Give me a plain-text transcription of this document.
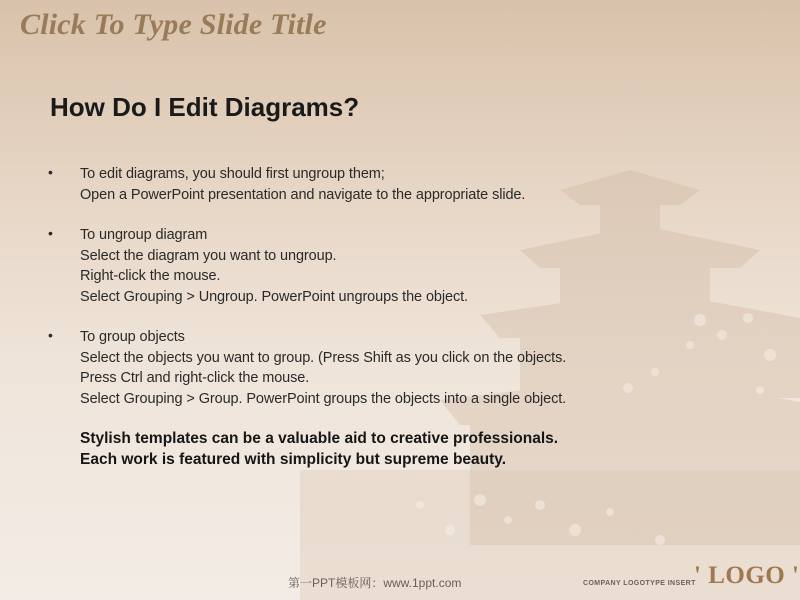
Click To Type Slide Title
How Do I Edit Diagrams?
•	To edit diagrams, you should first ungroup them;
Open a PowerPoint presentation and navigate to the appropriate slide.
•	To ungroup diagram
Select the diagram you want to ungroup.
Right-click the mouse.
Select Grouping > Ungroup. PowerPoint ungroups the object.
•	To group objects
Select the objects you want to group. (Press Shift as you click on the objects.
Press Ctrl and right-click the mouse.
Select Grouping > Group. PowerPoint groups the objects into a single object.
Stylish templates can be a valuable aid to creative professionals.
Each work is featured with simplicity but supreme beauty.
第一PPT模板网：www.1ppt.com	COMPANY LOGOTYPE INSERT
' LOGO '
